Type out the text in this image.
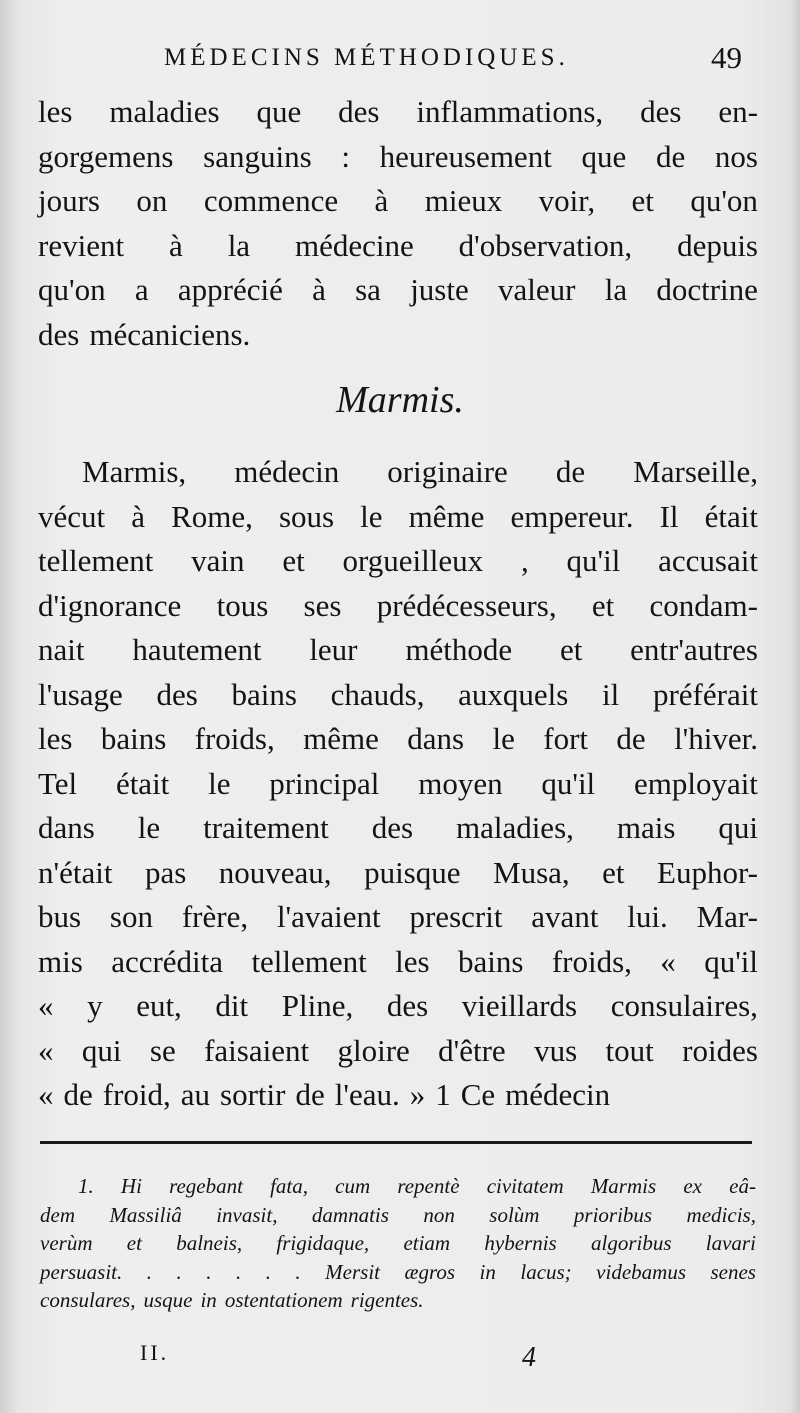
MÉDECINS MÉTHODIQUES.	49
les maladies que des inflammations, des en-
gorgemens sanguins : heureusement que de nos
jours on commence à mieux voir, et qu'on
revient à la médecine d'observation, depuis
qu'on a apprécié à sa juste valeur la doctrine
des mécaniciens.
Marmis.
Marmis, médecin originaire de Marseille,
vécut à Rome, sous le même empereur. Il était
tellement vain et orgueilleux , qu'il accusait
d'ignorance tous ses prédécesseurs, et condam-
nait hautement leur méthode et entr'autres
l'usage des bains chauds, auxquels il préférait
les bains froids, même dans le fort de l'hiver.
Tel était le principal moyen qu'il employait
dans le traitement des maladies, mais qui
n'était pas nouveau, puisque Musa, et Euphor-
bus son frère, l'avaient prescrit avant lui. Mar-
mis accrédita tellement les bains froids, « qu'il
« y eut, dit Pline, des vieillards consulaires,
« qui se faisaient gloire d'être vus tout roides
« de froid, au sortir de l'eau. » 1 Ce médecin
1. Hi regebant fata, cum repentè civitatem Marmis ex eâ-
dem Massiliâ invasit, damnatis non solùm prioribus medicis,
verùm et balneis, frigidaque, etiam hybernis algoribus lavari
persuasit. . . . . . . Mersit ægros in lacus; videbamus senes
consulares, usque in ostentationem rigentes.
II.	4
